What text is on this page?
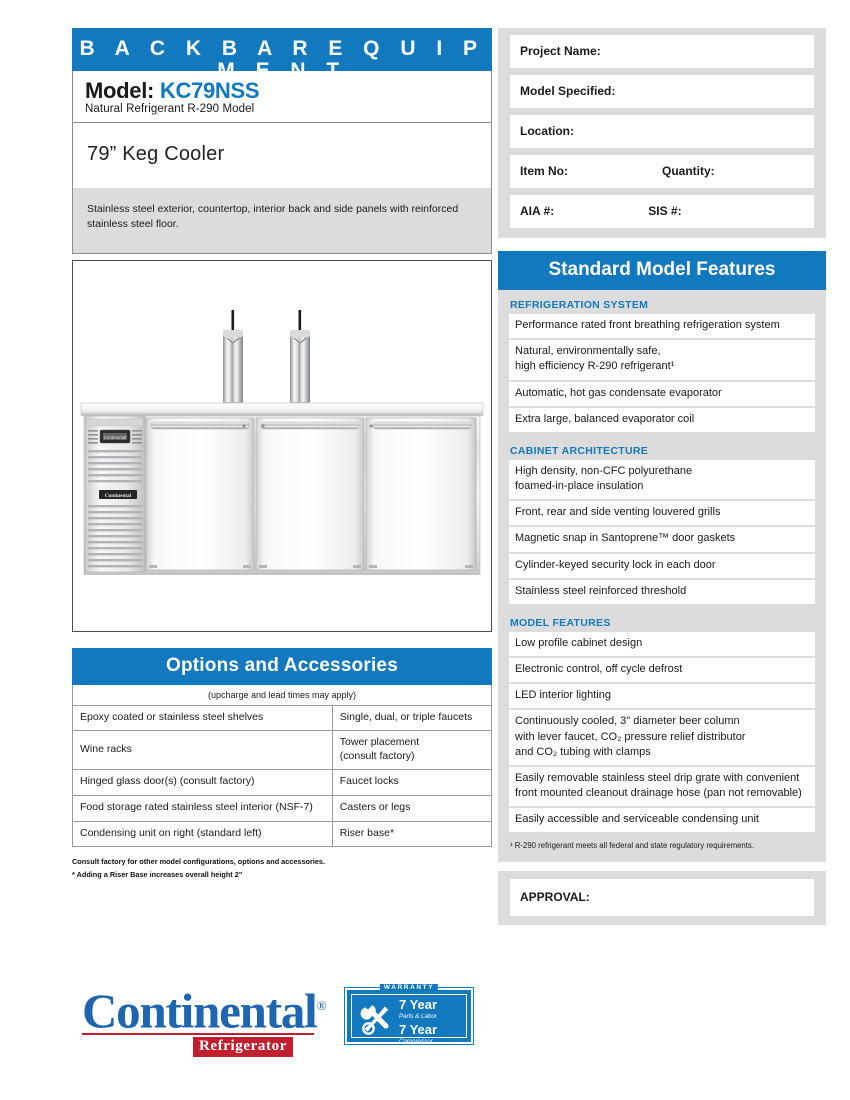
B A C K B A R E Q U I P M E N T
Model: KC79NSS
Natural Refrigerant R-290 Model
79” Keg Cooler
Stainless steel exterior, countertop, interior back and side panels with reinforced stainless steel floor.
Continental
Continental
Options and Accessories
(upcharge and lead times may apply)
Epoxy coated or stainless steel shelves	Single, dual, or triple faucets
Wine racks	Tower placement
(consult factory)
Hinged glass door(s) (consult factory)	Faucet locks
Food storage rated stainless steel interior (NSF-7)	Casters or legs
Condensing unit on right (standard left)	Riser base*
Consult factory for other model configurations, options and accessories.
* Adding a Riser Base increases overall height 2"
Continental®
Refrigerator
WARRANTY
7 Year
Parts & Labor
7 Year
Compressor
Project Name:
Model Specified:
Location:
Item No:	Quantity:
AIA #:	SIS #:
Standard Model Features
REFRIGERATION SYSTEM
Performance rated front breathing refrigeration system
Natural, environmentally safe,
high efficiency R-290 refrigerant¹
Automatic, hot gas condensate evaporator
Extra large, balanced evaporator coil
CABINET ARCHITECTURE
High density, non-CFC polyurethane
foamed-in-place insulation
Front, rear and side venting louvered grills
Magnetic snap in Santoprene™ door gaskets
Cylinder-keyed security lock in each door
Stainless steel reinforced threshold
MODEL FEATURES
Low profile cabinet design
Electronic control, off cycle defrost
LED interior lighting
Continuously cooled, 3" diameter beer column
with lever faucet, CO₂ pressure relief distributor
and CO₂ tubing with clamps
Easily removable stainless steel drip grate with convenient
front mounted cleanout drainage hose (pan not removable)
Easily accessible and serviceable condensing unit
¹ R-290 refrigerant meets all federal and state regulatory requirements.
APPROVAL:
